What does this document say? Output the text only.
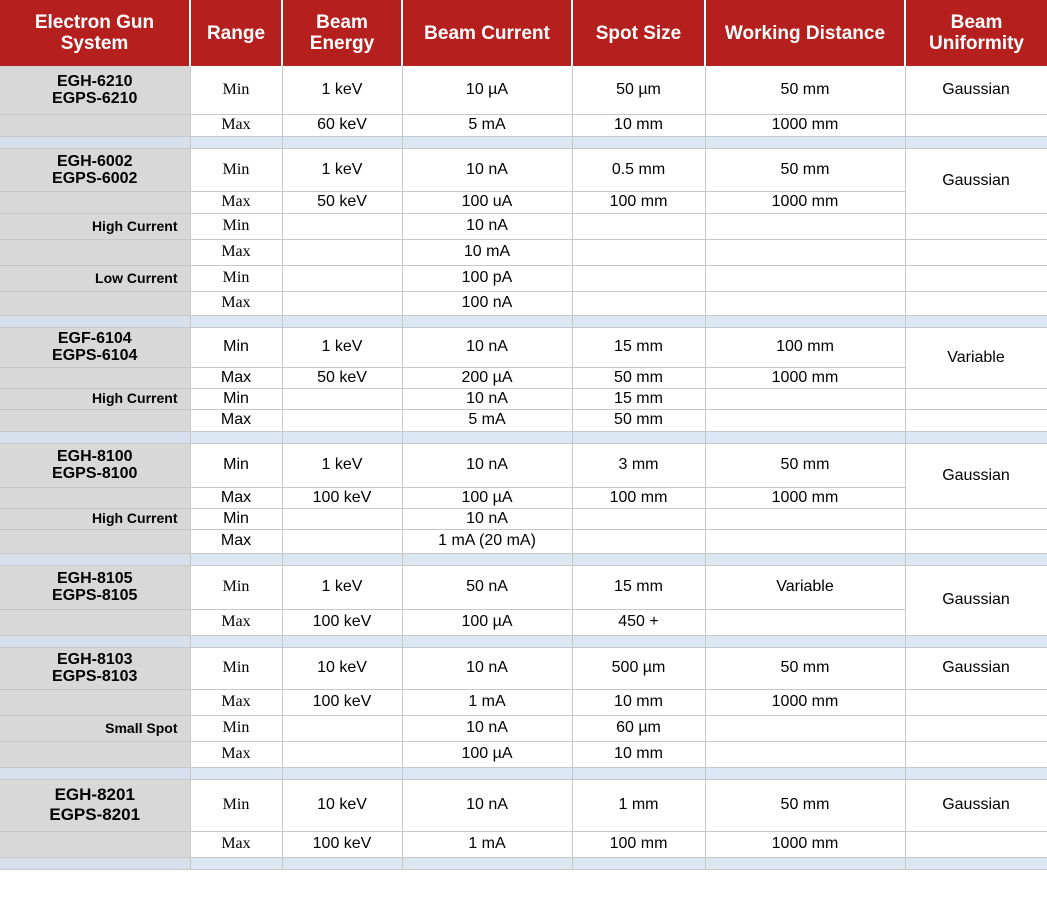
Electron Gun System	Range	Beam Energy	Beam Current	Spot Size	Working Distance	Beam Uniformity
EGH-6210
EGPS-6210	Min	1 keV	10 µA	50 µm	50 mm	Gaussian
	Max	60 keV	5 mA	10 mm	1000 mm	

EGH-6002
EGPS-6002	Min	1 keV	10 nA	0.5 mm	50 mm	Gaussian
	Max	50 keV	100 uA	100 mm	1000 mm	
High Current	Min		10 nA			
	Max		10 mA			
Low Current	Min		100 pA			
	Max		100 nA			

EGF-6104
EGPS-6104	Min	1 keV	10 nA	15 mm	100 mm	Variable
	Max	50 keV	200 µA	50 mm	1000 mm	
High Current	Min		10 nA	15 mm		
	Max		5 mA	50 mm		

EGH-8100
EGPS-8100	Min	1 keV	10 nA	3 mm	50 mm	Gaussian
	Max	100 keV	100 µA	100 mm	1000 mm	
High Current	Min		10 nA			
	Max		1 mA (20 mA)			

EGH-8105
EGPS-8105	Min	1 keV	50 nA	15 mm	Variable	Gaussian
	Max	100 keV	100 µA	450 +		

EGH-8103
EGPS-8103	Min	10 keV	10 nA	500 µm	50 mm	Gaussian
	Max	100 keV	1 mA	10 mm	1000 mm	
Small Spot	Min		10 nA	60 µm		
	Max		100 µA	10 mm		

EGH-8201
EGPS-8201	Min	10 keV	10 nA	1 mm	50 mm	Gaussian
	Max	100 keV	1 mA	100 mm	1000 mm	
